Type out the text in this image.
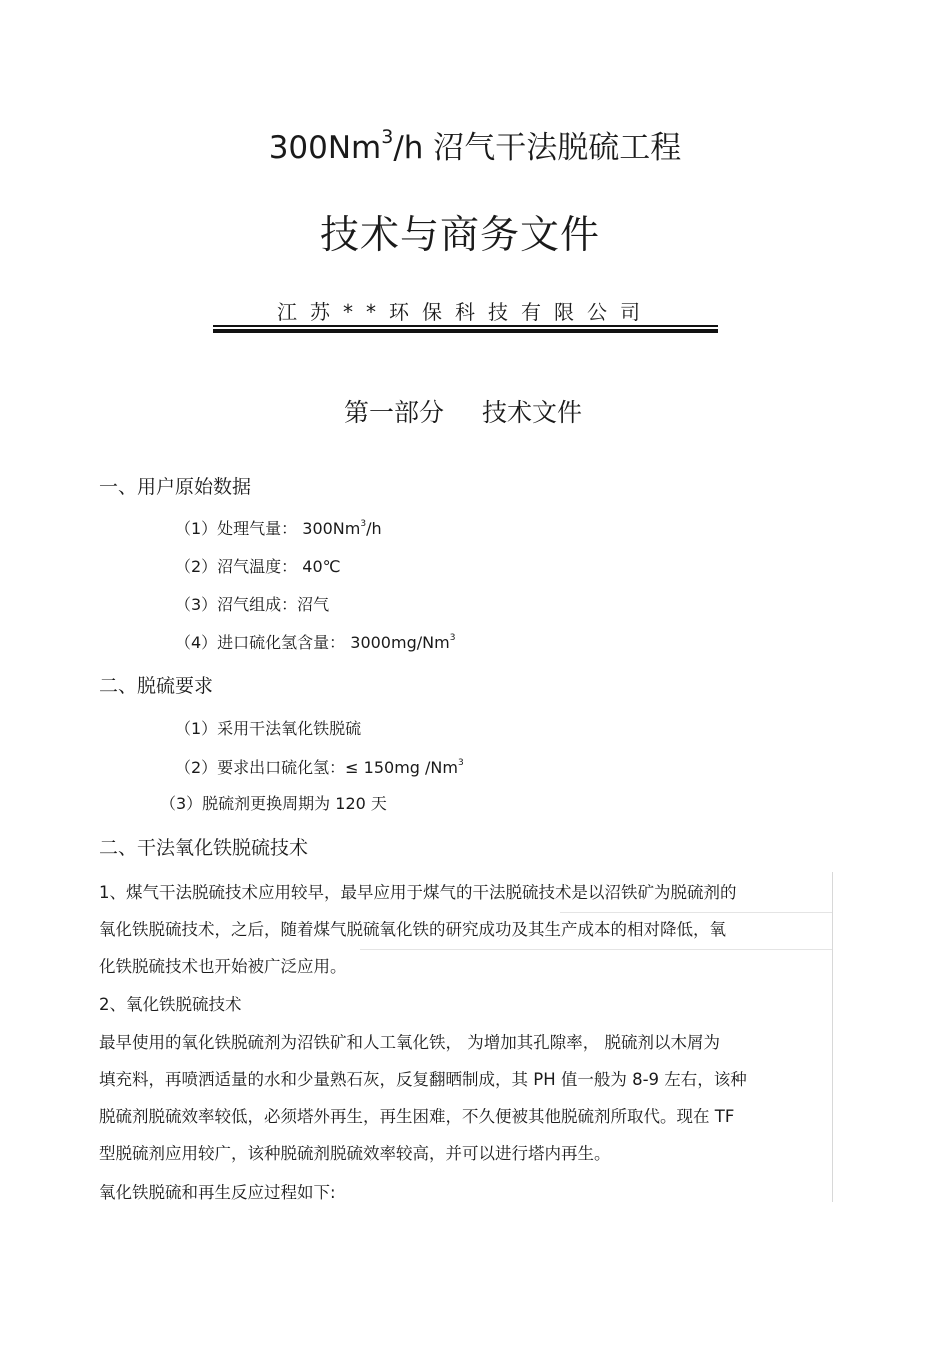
300Nm$^3$/h 沼气干法脱硫工程
技术与商务文件
江苏**环保科技有限公司
第一部分 技术文件
一、用户原始数据
（1）处理气量： 300Nm$^3$/h
（2）沼气温度： 40℃
（3）沼气组成：沼气
（4）进口硫化氢含量： 3000mg/Nm$^3$
二、脱硫要求
（1）采用干法氧化铁脱硫
（2）要求出口硫化氢：≤ 150mg /Nm$^3$
（3）脱硫剂更换周期为 120 天
二、干法氧化铁脱硫技术
1、煤气干法脱硫技术应用较早，最早应用于煤气的干法脱硫技术是以沼铁矿为脱硫剂的
氧化铁脱硫技术，之后，随着煤气脱硫氧化铁的研究成功及其生产成本的相对降低，氧
化铁脱硫技术也开始被广泛应用。
2、氧化铁脱硫技术
最早使用的氧化铁脱硫剂为沼铁矿和人工氧化铁， 为增加其孔隙率， 脱硫剂以木屑为
填充料，再喷洒适量的水和少量熟石灰，反复翻晒制成，其 PH 值一般为 8-9 左右，该种
脱硫剂脱硫效率较低，必须塔外再生，再生困难，不久便被其他脱硫剂所取代。现在 TF
型脱硫剂应用较广，该种脱硫剂脱硫效率较高，并可以进行塔内再生。
氧化铁脱硫和再生反应过程如下:
